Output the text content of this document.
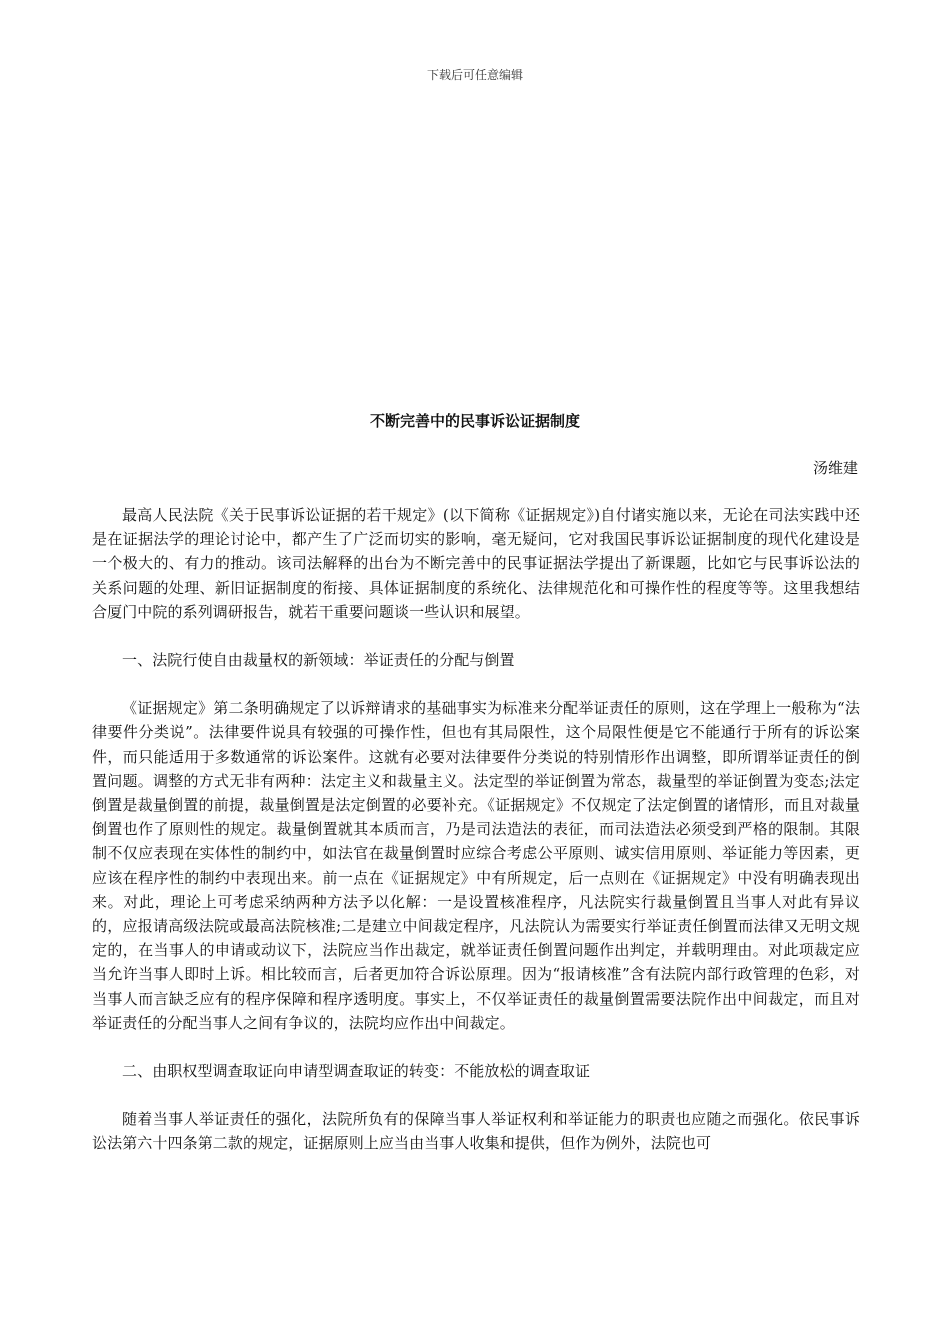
下载后可任意编辑
不断完善中的民事诉讼证据制度
汤维建

最高人民法院《关于民事诉讼证据的若干规定》(以下简称《证据规定》)自付诸实施以来，无论在司法实践中还是在证据法学的理论讨论中，都产生了广泛而切实的影响，毫无疑问，它对我国民事诉讼证据制度的现代化建设是一个极大的、有力的推动。该司法解释的出台为不断完善中的民事证据法学提出了新课题，比如它与民事诉讼法的关系问题的处理、新旧证据制度的衔接、具体证据制度的系统化、法律规范化和可操作性的程度等等。这里我想结合厦门中院的系列调研报告，就若干重要问题谈一些认识和展望。

一、法院行使自由裁量权的新领域：举证责任的分配与倒置

《证据规定》第二条明确规定了以诉辩请求的基础事实为标准来分配举证责任的原则，这在学理上一般称为“法律要件分类说”。法律要件说具有较强的可操作性，但也有其局限性，这个局限性便是它不能通行于所有的诉讼案件，而只能适用于多数通常的诉讼案件。这就有必要对法律要件分类说的特别情形作出调整，即所谓举证责任的倒置问题。调整的方式无非有两种：法定主义和裁量主义。法定型的举证倒置为常态，裁量型的举证倒置为变态;法定倒置是裁量倒置的前提，裁量倒置是法定倒置的必要补充。《证据规定》不仅规定了法定倒置的诸情形，而且对裁量倒置也作了原则性的规定。裁量倒置就其本质而言，乃是司法造法的表征，而司法造法必须受到严格的限制。其限制不仅应表现在实体性的制约中，如法官在裁量倒置时应综合考虑公平原则、诚实信用原则、举证能力等因素，更应该在程序性的制约中表现出来。前一点在《证据规定》中有所规定，后一点则在《证据规定》中没有明确表现出来。对此，理论上可考虑采纳两种方法予以化解：一是设置核准程序，凡法院实行裁量倒置且当事人对此有异议的，应报请高级法院或最高法院核准;二是建立中间裁定程序，凡法院认为需要实行举证责任倒置而法律又无明文规定的，在当事人的申请或动议下，法院应当作出裁定，就举证责任倒置问题作出判定，并载明理由。对此项裁定应当允许当事人即时上诉。相比较而言，后者更加符合诉讼原理。因为“报请核准”含有法院内部行政管理的色彩，对当事人而言缺乏应有的程序保障和程序透明度。事实上，不仅举证责任的裁量倒置需要法院作出中间裁定，而且对举证责任的分配当事人之间有争议的，法院均应作出中间裁定。

二、由职权型调查取证向申请型调查取证的转变：不能放松的调查取证

随着当事人举证责任的强化，法院所负有的保障当事人举证权利和举证能力的职责也应随之而强化。依民事诉讼法第六十四条第二款的规定，证据原则上应当由当事人收集和提供，但作为例外，法院也可
